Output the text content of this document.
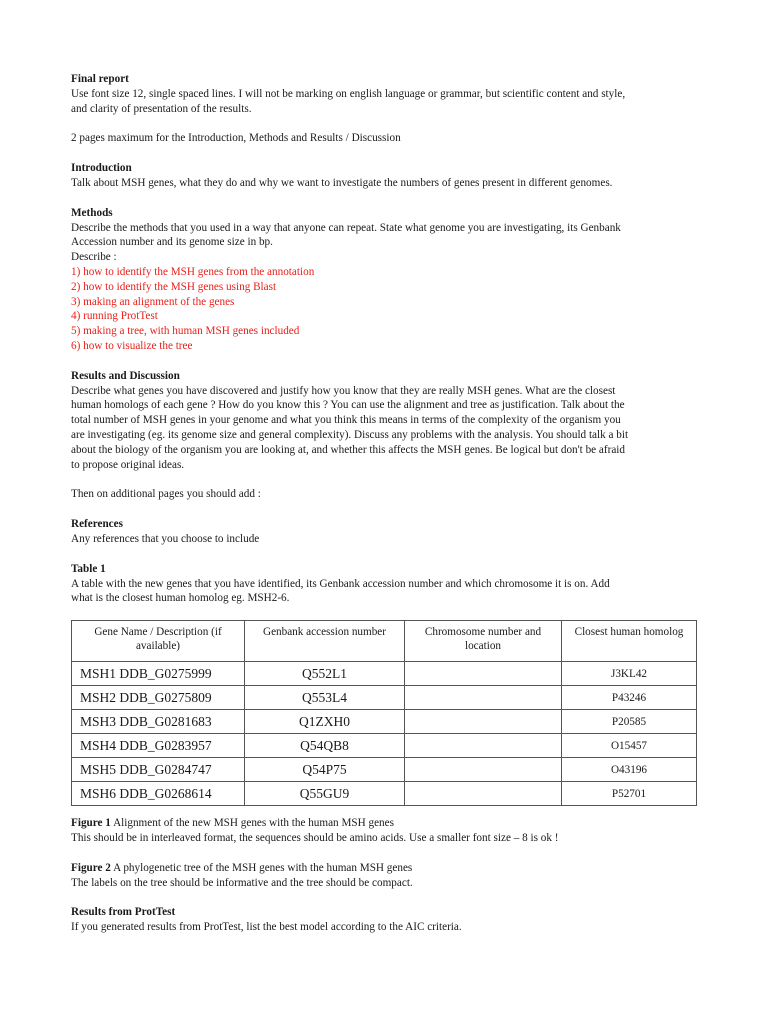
Final report

Use font size 12, single spaced lines. I will not be marking on english language or grammar, but scientific content and style,

and clarity of presentation of the results.

2 pages maximum for the Introduction, Methods and Results / Discussion

Introduction

Talk about MSH genes, what they do and why we want to investigate the numbers of genes present in different genomes.

Methods

Describe the methods that you used in a way that anyone can repeat. State what genome you are investigating, its Genbank

Accession number and its genome size in bp.

Describe :

1) how to identify the MSH genes from the annotation
2) how to identify the MSH genes using Blast
3) making an alignment of the genes
4) running ProtTest
5) making a tree, with human MSH genes included
6) how to visualize the tree

Results and Discussion

Describe what genes you have discovered and justify how you know that they are really MSH genes. What are the closest

human homologs of each gene ? How do you know this ? You can use the alignment and tree as justification. Talk about the

total number of MSH genes in your genome and what you think this means in terms of the complexity of the organism you

are investigating (eg. its genome size and general complexity). Discuss any problems with the analysis. You should talk a bit

about the biology of the organism you are looking at, and whether this affects the MSH genes. Be logical but don't be afraid

to propose original ideas.

Then on additional pages you should add :

References

Any references that you choose to include

Table 1

A table with the new genes that you have identified, its Genbank accession number and which chromosome it is on. Add

what is the closest human homolog eg. MSH2-6.

Gene Name / Description (if available)	Genbank accession number	Chromosome number and location	Closest human homolog
MSH1 DDB_G0275999	Q552L1		J3KL42
MSH2 DDB_G0275809	Q553L4		P43246
MSH3 DDB_G0281683	Q1ZXH0		P20585
MSH4 DDB_G0283957	Q54QB8		O15457
MSH5 DDB_G0284747	Q54P75		O43196
MSH6 DDB_G0268614	Q55GU9		P52701

Figure 1 Alignment of the new MSH genes with the human MSH genes

This should be in interleaved format, the sequences should be amino acids. Use a smaller font size – 8 is ok !

Figure 2 A phylogenetic tree of the MSH genes with the human MSH genes

The labels on the tree should be informative and the tree should be compact.

Results from ProtTest

If you generated results from ProtTest, list the best model according to the AIC criteria.
